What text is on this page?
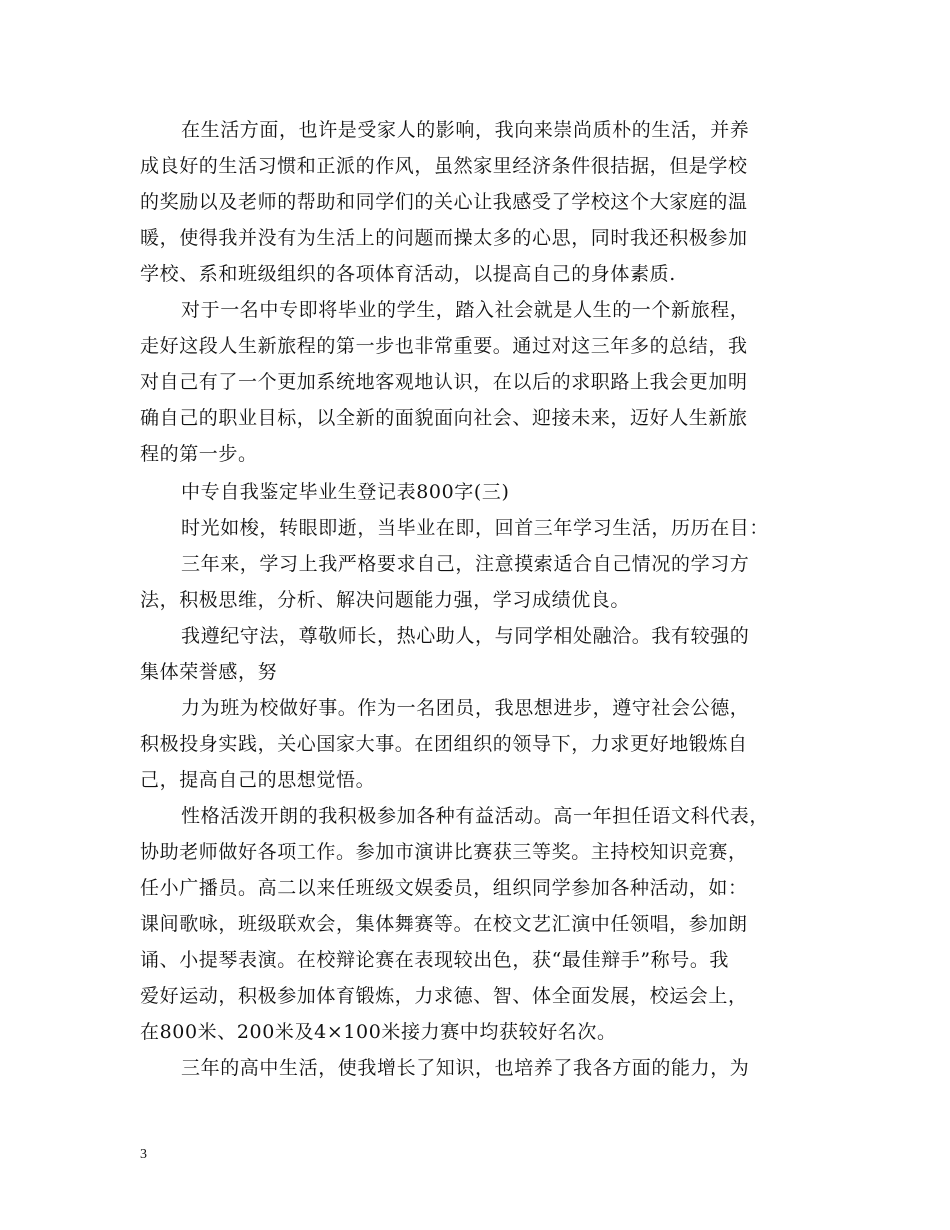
在生活方面，也许是受家人的影响，我向来崇尚质朴的生活，并养
成良好的生活习惯和正派的作风，虽然家里经济条件很拮据，但是学校
的奖励以及老师的帮助和同学们的关心让我感受了学校这个大家庭的温
暖，使得我并没有为生活上的问题而操太多的心思，同时我还积极参加
学校、系和班级组织的各项体育活动，以提高自己的身体素质.
对于一名中专即将毕业的学生，踏入社会就是人生的一个新旅程，
走好这段人生新旅程的第一步也非常重要。通过对这三年多的总结，我
对自己有了一个更加系统地客观地认识，在以后的求职路上我会更加明
确自己的职业目标，以全新的面貌面向社会、迎接未来，迈好人生新旅
程的第一步。
中专自我鉴定毕业生登记表800字(三)
时光如梭，转眼即逝，当毕业在即，回首三年学习生活，历历在目：
三年来，学习上我严格要求自己，注意摸索适合自己情况的学习方
法，积极思维，分析、解决问题能力强，学习成绩优良。
我遵纪守法，尊敬师长，热心助人，与同学相处融洽。我有较强的
集体荣誉感，努
力为班为校做好事。作为一名团员，我思想进步，遵守社会公德，
积极投身实践，关心国家大事。在团组织的领导下，力求更好地锻炼自
己，提高自己的思想觉悟。
性格活泼开朗的我积极参加各种有益活动。高一年担任语文科代表，
协助老师做好各项工作。参加市演讲比赛获三等奖。主持校知识竞赛，
任小广播员。高二以来任班级文娱委员，组织同学参加各种活动，如：
课间歌咏，班级联欢会，集体舞赛等。在校文艺汇演中任领唱，参加朗
诵、小提琴表演。在校辩论赛在表现较出色，获“最佳辩手”称号。我
爱好运动，积极参加体育锻炼，力求德、智、体全面发展，校运会上，
在800米、200米及4×100米接力赛中均获较好名次。
三年的高中生活，使我增长了知识，也培养了我各方面的能力，为
3
